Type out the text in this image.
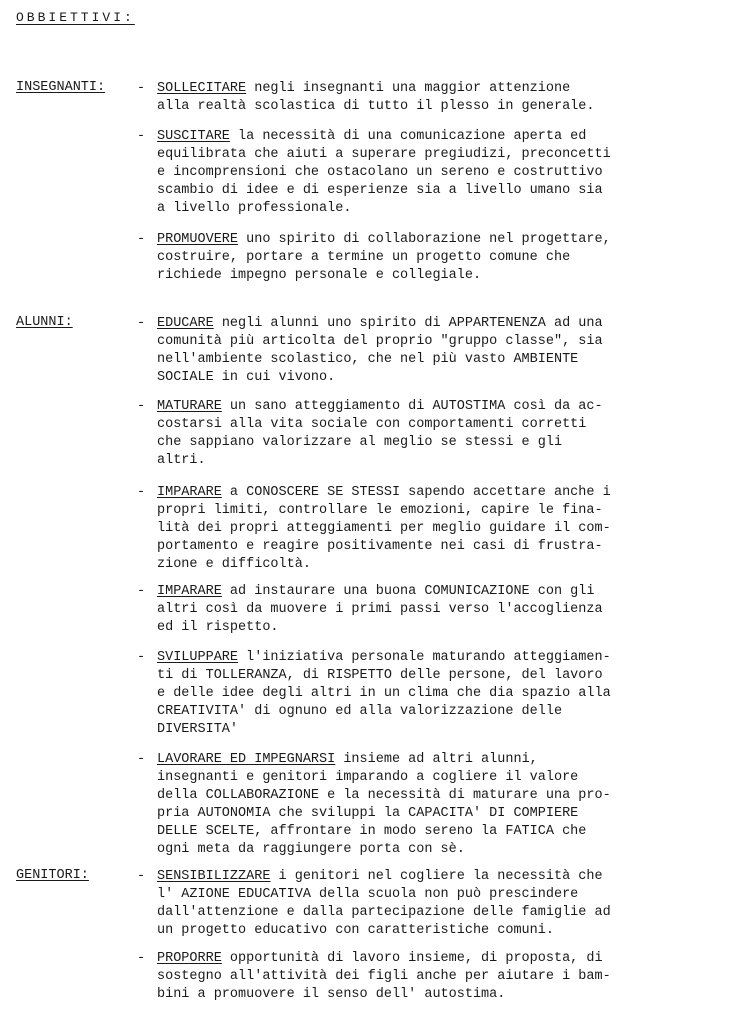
OBBIETTIVI:
INSEGNANTI: - SOLLECITARE negli insegnanti una maggior attenzione
alla realtà scolastica di tutto il plesso in generale.
- SUSCITARE la necessità di una comunicazione aperta ed
equilibrata che aiuti a superare pregiudizi, preconcetti
e incomprensioni che ostacolano un sereno e costruttivo
scambio di idee e di esperienze sia a livello umano sia
a livello professionale.
- PROMUOVERE uno spirito di collaborazione nel progettare,
costruire, portare a termine un progetto comune che
richiede impegno personale e collegiale.
ALUNNI:	- EDUCARE negli alunni uno spirito di APPARTENENZA ad una
comunità più articolta del proprio "gruppo classe", sia
nell'ambiente scolastico, che nel più vasto AMBIENTE
SOCIALE in cui vivono.
- MATURARE un sano atteggiamento di AUTOSTIMA così da ac-
costarsi alla vita sociale con comportamenti corretti
che sappiano valorizzare al meglio se stessi e gli
altri.
- IMPARARE a CONOSCERE SE STESSI sapendo accettare anche i
propri limiti, controllare le emozioni, capire le fina-
lità dei propri atteggiamenti per meglio guidare il com-
portamento e reagire positivamente nei casi di frustra-
zione e difficoltà.
- IMPARARE ad instaurare una buona COMUNICAZIONE con gli
altri così da muovere i primi passi verso l'accoglienza
ed il rispetto.
- SVILUPPARE l'iniziativa personale maturando atteggiamen-
ti di TOLLERANZA, di RISPETTO delle persone, del lavoro
e delle idee degli altri in un clima che dia spazio alla
CREATIVITA' di ognuno ed alla valorizzazione delle
DIVERSITA'
- LAVORARE ED IMPEGNARSI insieme ad altri alunni,
insegnanti e genitori imparando a cogliere il valore
della COLLABORAZIONE e la necessità di maturare una pro-
pria AUTONOMIA che sviluppi la CAPACITA' DI COMPIERE
DELLE SCELTE, affrontare in modo sereno la FATICA che
ogni meta da raggiungere porta con sè.
GENITORI:	- SENSIBILIZZARE i genitori nel cogliere la necessità che
l' AZIONE EDUCATIVA della scuola non può prescindere
dall'attenzione e dalla partecipazione delle famiglie ad
un progetto educativo con caratteristiche comuni.
- PROPORRE opportunità di lavoro insieme, di proposta, di
sostegno all'attività dei figli anche per aiutare i bam-
bini a promuovere il senso dell' autostima.
